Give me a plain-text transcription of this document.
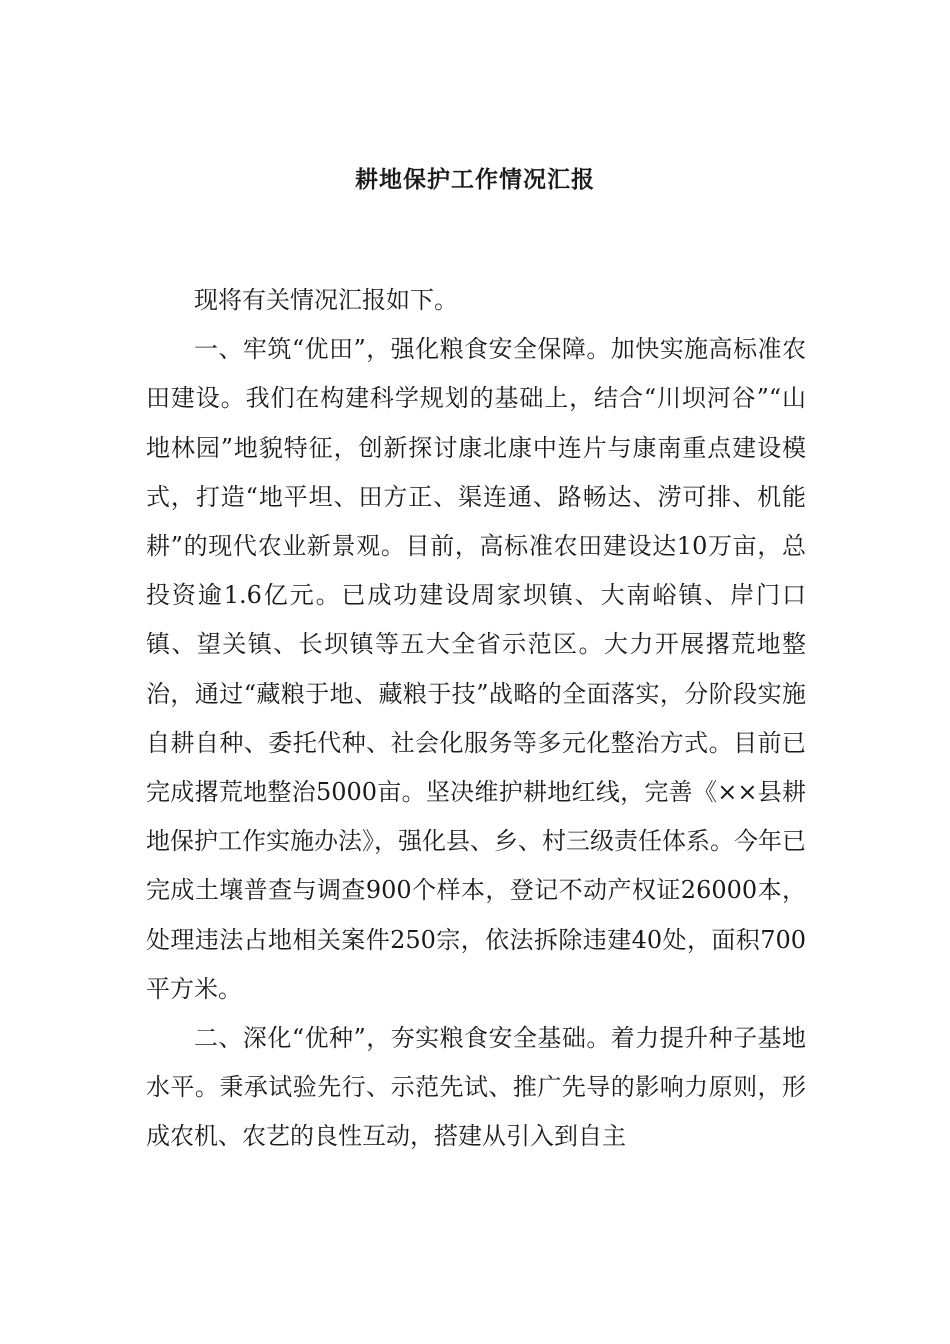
耕地保护工作情况汇报

现将有关情况汇报如下。

一、牢筑“优田”，强化粮食安全保障。加快实施高标准农田建设。我们在构建科学规划的基础上，结合“川坝河谷”“山地林园”地貌特征，创新探讨康北康中连片与康南重点建设模式，打造“地平坦、田方正、渠连通、路畅达、涝可排、机能耕”的现代农业新景观。目前，高标准农田建设达10万亩，总投资逾1.6亿元。已成功建设周家坝镇、大南峪镇、岸门口镇、望关镇、长坝镇等五大全省示范区。大力开展撂荒地整治，通过“藏粮于地、藏粮于技”战略的全面落实，分阶段实施自耕自种、委托代种、社会化服务等多元化整治方式。目前已完成撂荒地整治5000亩。坚决维护耕地红线，完善《××县耕地保护工作实施办法》，强化县、乡、村三级责任体系。今年已完成土壤普查与调查900个样本，登记不动产权证26000本，处理违法占地相关案件250宗，依法拆除违建40处，面积700平方米。

二、深化“优种”，夯实粮食安全基础。着力提升种子基地水平。秉承试验先行、示范先试、推广先导的影响力原则，形成农机、农艺的良性互动，搭建从引入到自主
